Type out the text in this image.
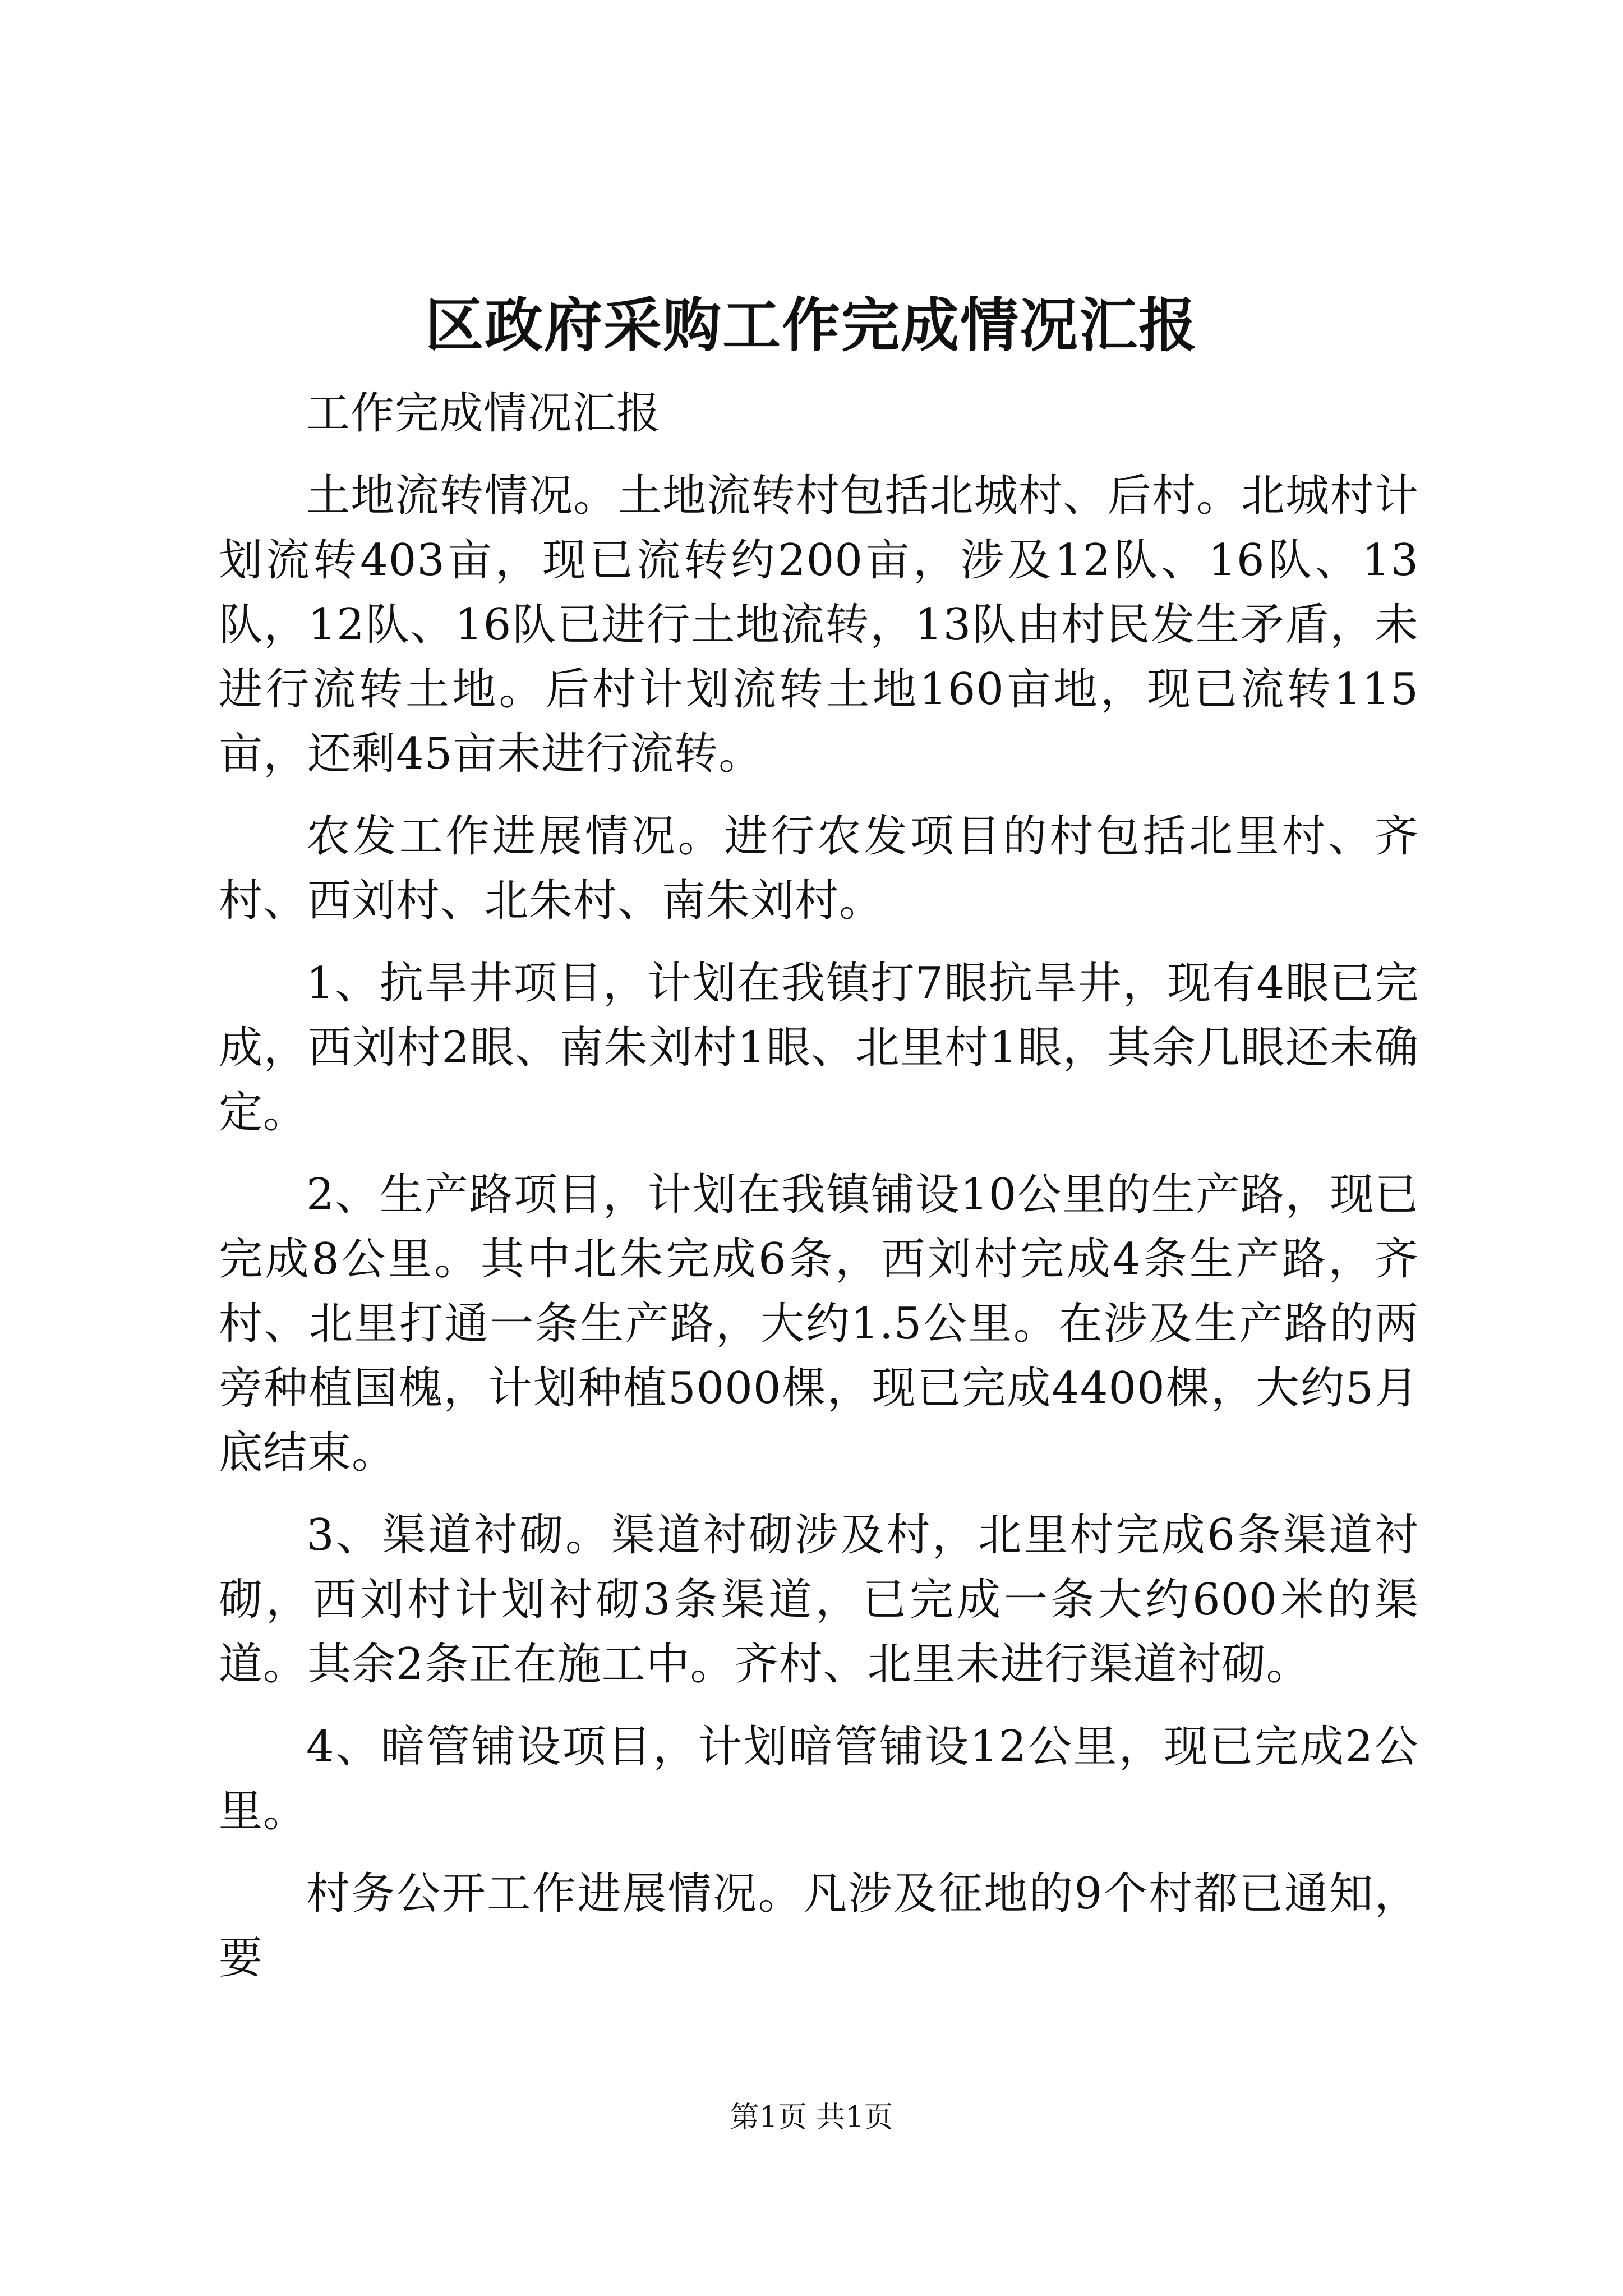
区政府采购工作完成情况汇报

工作完成情况汇报

土地流转情况。土地流转村包括北城村、后村。北城村计划流转403亩，现已流转约200亩，涉及12队、16队、13队，12队、16队已进行土地流转，13队由村民发生矛盾，未进行流转土地。后村计划流转土地160亩地，现已流转115亩，还剩45亩未进行流转。

农发工作进展情况。进行农发项目的村包括北里村、齐村、西刘村、北朱村、南朱刘村。

1、抗旱井项目，计划在我镇打7眼抗旱井，现有4眼已完成，西刘村2眼、南朱刘村1眼、北里村1眼，其余几眼还未确定。

2、生产路项目，计划在我镇铺设10公里的生产路，现已完成8公里。其中北朱完成6条，西刘村完成4条生产路，齐村、北里打通一条生产路，大约1.5公里。在涉及生产路的两旁种植国槐，计划种植5000棵，现已完成4400棵，大约5月底结束。

3、渠道衬砌。渠道衬砌涉及村，北里村完成6条渠道衬砌，西刘村计划衬砌3条渠道，已完成一条大约600米的渠道。其余2条正在施工中。齐村、北里未进行渠道衬砌。

4、暗管铺设项目，计划暗管铺设12公里，现已完成2公里。

村务公开工作进展情况。凡涉及征地的9个村都已通知，要

第1页 共1页
